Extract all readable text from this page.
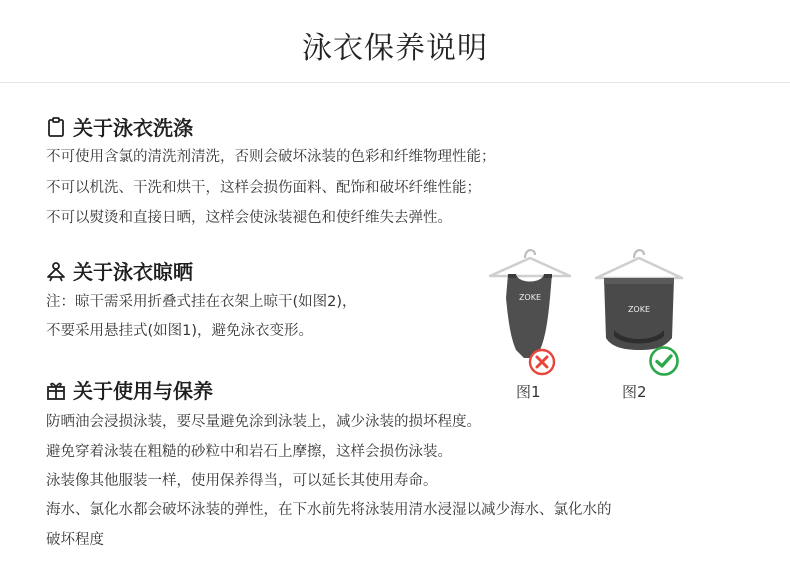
泳衣保养说明
关于泳衣洗涤
不可使用含氯的清洗剂清洗，否则会破坏泳装的色彩和纤维物理性能；
不可以机洗、干洗和烘干，这样会损伤面料、配饰和破坏纤维性能；
不可以熨烫和直接日晒，这样会使泳装褪色和使纤维失去弹性。
关于泳衣晾晒
注：晾干需采用折叠式挂在衣架上晾干(如图2)，
不要采用悬挂式(如图1)，避免泳衣变形。
关于使用与保养
防晒油会浸损泳装，要尽量避免涂到泳装上，减少泳装的损坏程度。
避免穿着泳装在粗糙的砂粒中和岩石上摩擦，这样会损伤泳装。
泳装像其他服装一样，使用保养得当，可以延长其使用寿命。
海水、氯化水都会破坏泳装的弹性，在下水前先将泳装用清水浸湿以减少海水、氯化水的
破坏程度
ZOKE
图1
ZOKE
图2
